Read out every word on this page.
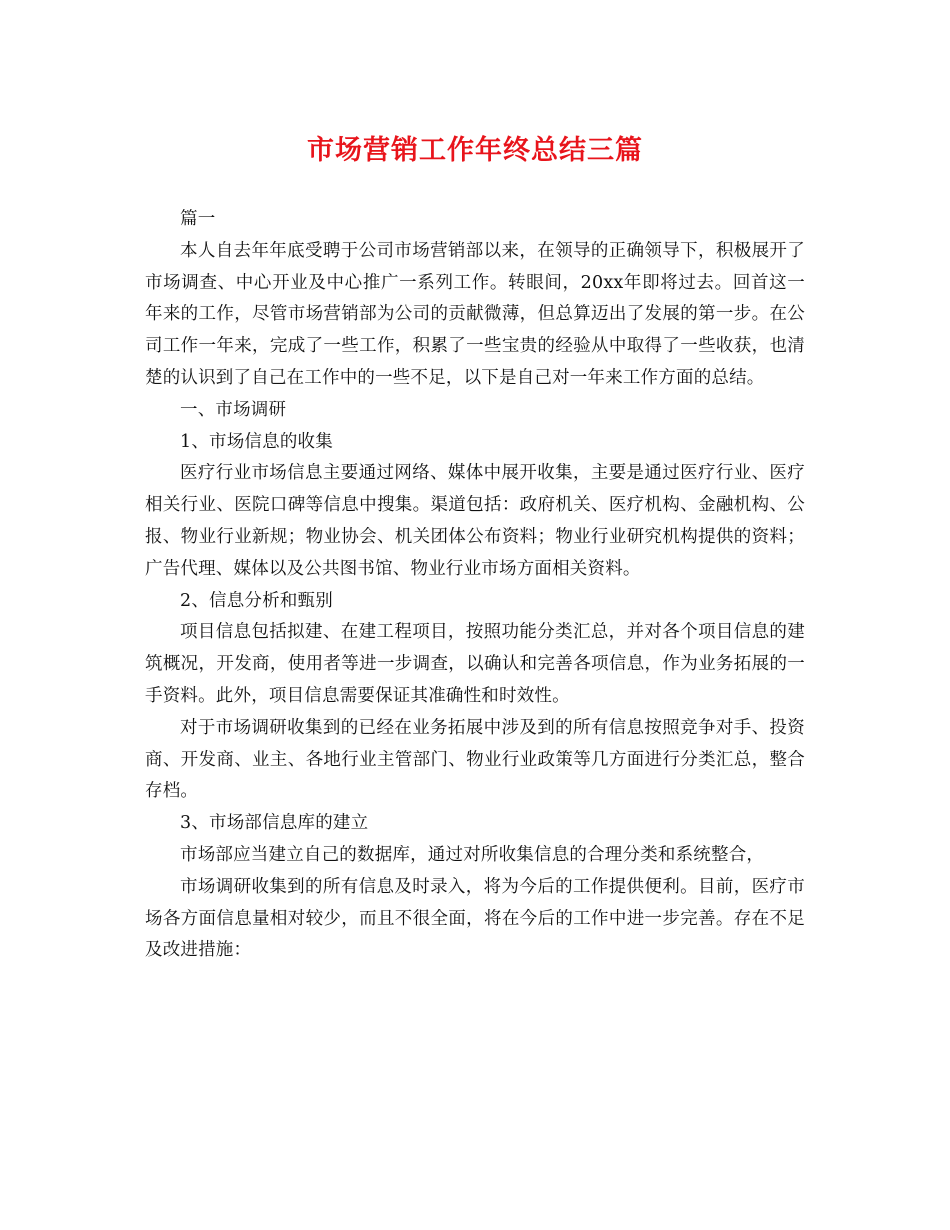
市场营销工作年终总结三篇

篇一

本人自去年年底受聘于公司市场营销部以来，在领导的正确领导下，积极展开了市场调查、中心开业及中心推广一系列工作。转眼间，20xx年即将过去。回首这一年来的工作，尽管市场营销部为公司的贡献微薄，但总算迈出了发展的第一步。在公司工作一年来，完成了一些工作，积累了一些宝贵的经验从中取得了一些收获，也清楚的认识到了自己在工作中的一些不足，以下是自己对一年来工作方面的总结。

一、市场调研

1、市场信息的收集

医疗行业市场信息主要通过网络、媒体中展开收集，主要是通过医疗行业、医疗相关行业、医院口碑等信息中搜集。渠道包括：政府机关、医疗机构、金融机构、公报、物业行业新规；物业协会、机关团体公布资料；物业行业研究机构提供的资料；广告代理、媒体以及公共图书馆、物业行业市场方面相关资料。

2、信息分析和甄别

项目信息包括拟建、在建工程项目，按照功能分类汇总，并对各个项目信息的建筑概况，开发商，使用者等进一步调查，以确认和完善各项信息，作为业务拓展的一手资料。此外，项目信息需要保证其准确性和时效性。

对于市场调研收集到的已经在业务拓展中涉及到的所有信息按照竞争对手、投资商、开发商、业主、各地行业主管部门、物业行业政策等几方面进行分类汇总，整合存档。

3、市场部信息库的建立

市场部应当建立自己的数据库，通过对所收集信息的合理分类和系统整合，

市场调研收集到的所有信息及时录入，将为今后的工作提供便利。目前，医疗市场各方面信息量相对较少，而且不很全面，将在今后的工作中进一步完善。存在不足及改进措施：
